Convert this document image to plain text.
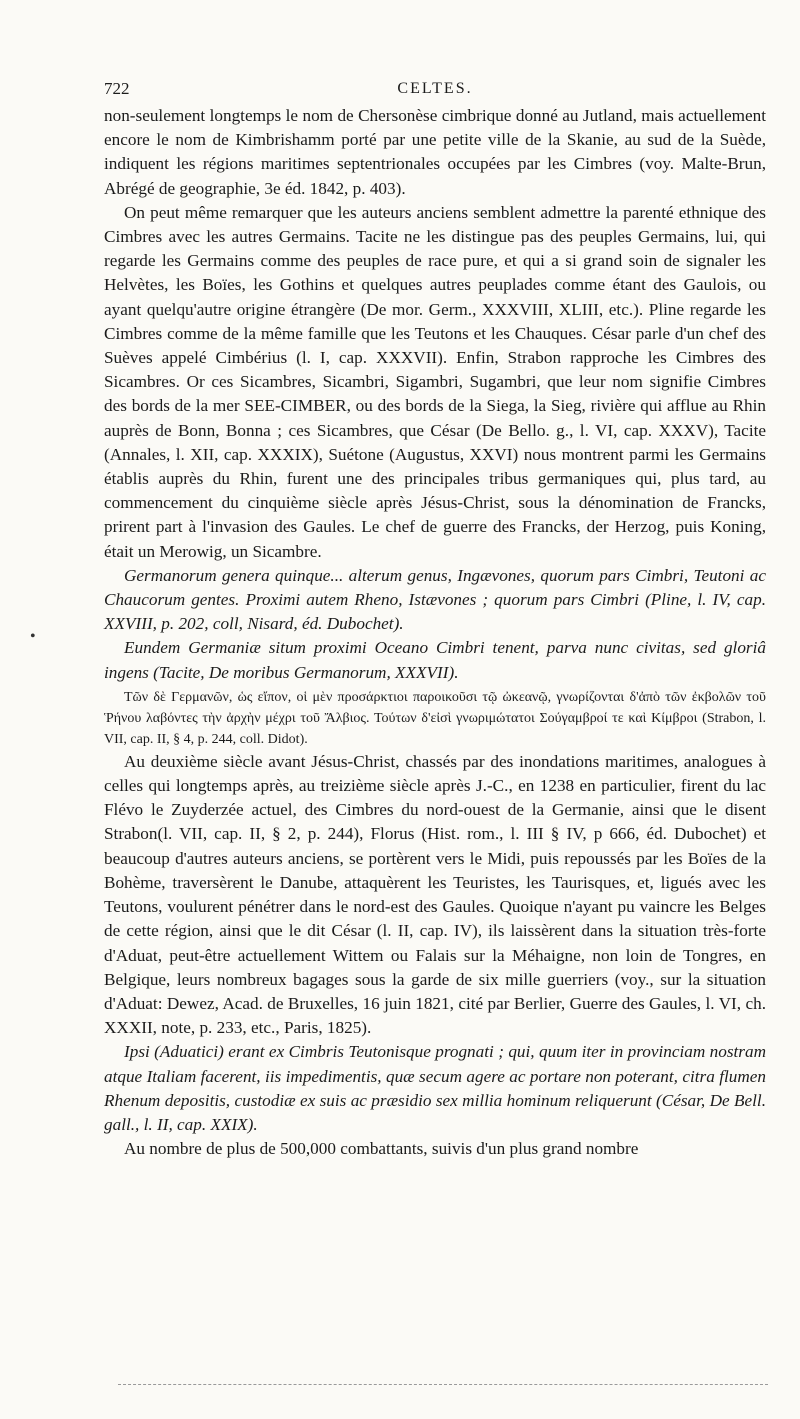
•
722	CELTES.

non-seulement longtemps le nom de Chersonèse cimbrique donné au Jutland, mais actuellement encore le nom de Kimbrishamm porté par une petite ville de la Skanie, au sud de la Suède, indiquent les régions maritimes septentrionales occupées par les Cimbres (voy. Malte-Brun, Abrégé de geographie, 3e éd. 1842, p. 403).

On peut même remarquer que les auteurs anciens semblent admettre la parenté ethnique des Cimbres avec les autres Germains. Tacite ne les distingue pas des peuples Germains, lui, qui regarde les Germains comme des peuples de race pure, et qui a si grand soin de signaler les Helvètes, les Boïes, les Gothins et quelques autres peuplades comme étant des Gaulois, ou ayant quelqu'autre origine étrangère (De mor. Germ., XXXVIII, XLIII, etc.). Pline regarde les Cimbres comme de la même famille que les Teutons et les Chauques. César parle d'un chef des Suèves appelé Cimbérius (l. I, cap. XXXVII). Enfin, Strabon rapproche les Cimbres des Sicambres. Or ces Sicambres, Sicambri, Sigambri, Sugambri, que leur nom signifie Cimbres des bords de la mer SEE-CIMBER, ou des bords de la Siega, la Sieg, rivière qui afflue au Rhin auprès de Bonn, Bonna ; ces Sicambres, que César (De Bello. g., l. VI, cap. XXXV), Tacite (Annales, l. XII, cap. XXXIX), Suétone (Augustus, XXVI) nous montrent parmi les Germains établis auprès du Rhin, furent une des principales tribus germaniques qui, plus tard, au commencement du cinquième siècle après Jésus-Christ, sous la dénomination de Francks, prirent part à l'invasion des Gaules. Le chef de guerre des Francks, der Herzog, puis Koning, était un Merowig, un Sicambre.

Germanorum genera quinque... alterum genus, Ingævones, quorum pars Cimbri, Teutoni ac Chaucorum gentes. Proximi autem Rheno, Istævones ; quorum pars Cimbri (Pline, l. IV, cap. XXVIII, p. 202, coll, Nisard, éd. Dubochet).

Eundem Germaniæ situm proximi Oceano Cimbri tenent, parva nunc civitas, sed gloriâ ingens (Tacite, De moribus Germanorum, XXXVII).

Τῶν δὲ Γερμανῶν, ὡς εἴπον, οἱ μὲν προσάρκτιοι παροικοῦσι τῷ ὠκεανῷ, γνωρίζονται δ'ἀπὸ τῶν ἐκβολῶν τοῦ Ῥήνου λαβόντες τὴν ἀρχὴν μέχρι τοῦ Ἄλβιος. Τούτων δ'εἰσὶ γνωριμώτατοι Σούγαμβροί τε καὶ Κίμβροι (Strabon, l. VII, cap. II, § 4, p. 244, coll. Didot).

Au deuxième siècle avant Jésus-Christ, chassés par des inondations maritimes, analogues à celles qui longtemps après, au treizième siècle après J.-C., en 1238 en particulier, firent du lac Flévo le Zuyderzée actuel, des Cimbres du nord-ouest de la Germanie, ainsi que le disent Strabon(l. VII, cap. II, § 2, p. 244), Florus (Hist. rom., l. III § IV, p 666, éd. Dubochet) et beaucoup d'autres auteurs anciens, se portèrent vers le Midi, puis repoussés par les Boïes de la Bohème, traversèrent le Danube, attaquèrent les Teuristes, les Taurisques, et, ligués avec les Teutons, voulurent pénétrer dans le nord-est des Gaules. Quoique n'ayant pu vaincre les Belges de cette région, ainsi que le dit César (l. II, cap. IV), ils laissèrent dans la situation très-forte d'Aduat, peut-être actuellement Wittem ou Falais sur la Méhaigne, non loin de Tongres, en Belgique, leurs nombreux bagages sous la garde de six mille guerriers (voy., sur la situation d'Aduat: Dewez, Acad. de Bruxelles, 16 juin 1821, cité par Berlier, Guerre des Gaules, l. VI, ch. XXXII, note, p. 233, etc., Paris, 1825).

Ipsi (Aduatici) erant ex Cimbris Teutonisque prognati ; qui, quum iter in provinciam nostram atque Italiam facerent, iis impedimentis, quæ secum agere ac portare non poterant, citra flumen Rhenum depositis, custodiæ ex suis ac præsidio sex millia hominum reliquerunt (César, De Bell. gall., l. II, cap. XXIX).

Au nombre de plus de 500,000 combattants, suivis d'un plus grand nombre
